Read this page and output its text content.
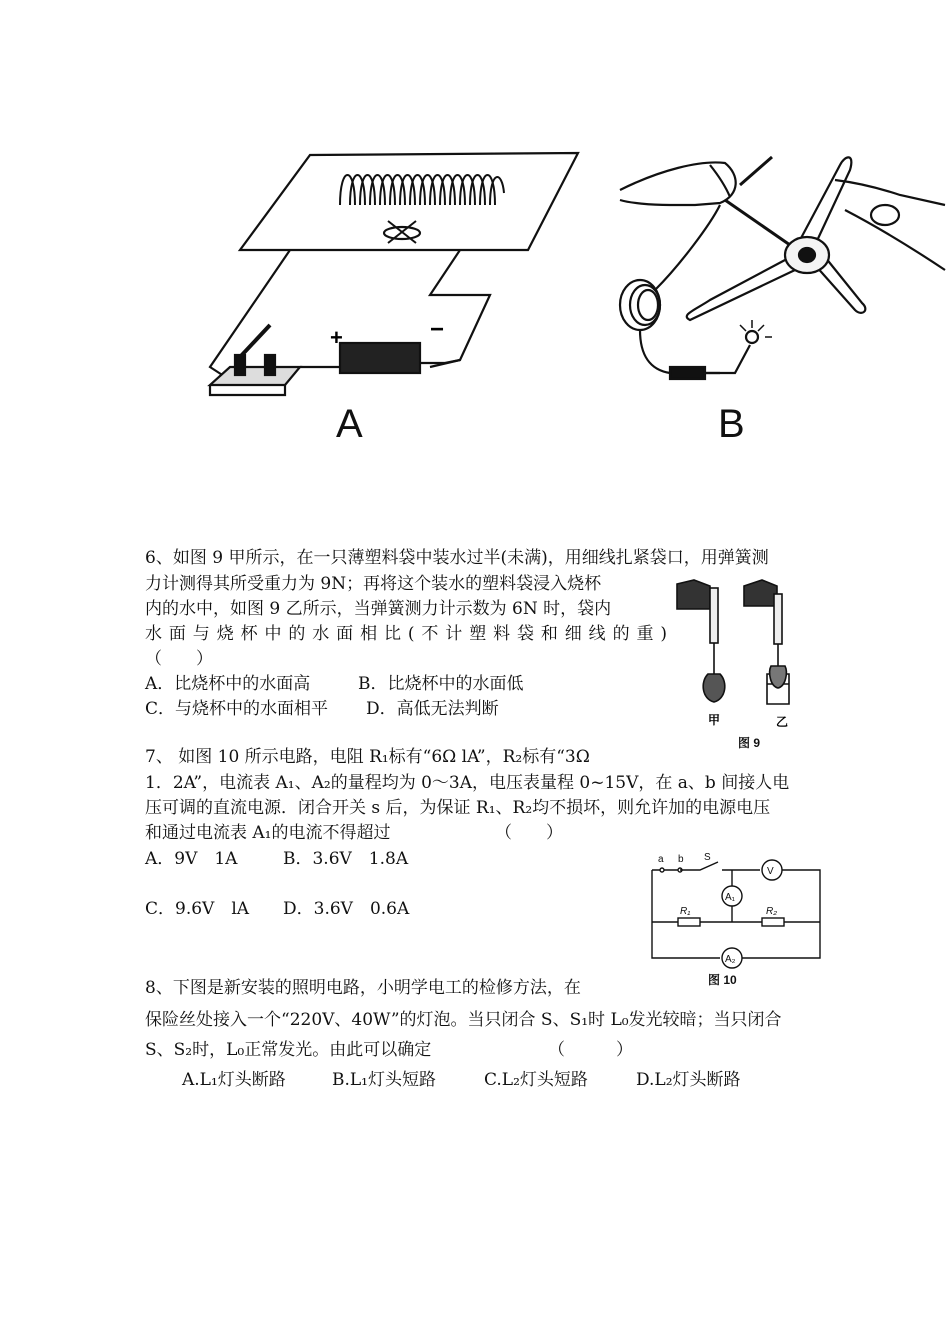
+	−
A	B
6、如图 9 甲所示，在一只薄塑料袋中装水过半(未满)，用细线扎紧袋口，用弹簧测
力计测得其所受重力为 9N；再将这个装水的塑料袋浸入烧杯
内的水中，如图 9 乙所示，当弹簧测力计示数为 6N 时，袋内
水面与烧杯中的水面相比(不计塑料袋和细线的重)
（　　）
A．比烧杯中的水面高	B．比烧杯中的水面低
C．与烧杯中的水面相平 D．高低无法判断
甲	乙
图 9
7、 如图 10 所示电路，电阻 R₁标有“6Ω lA”，R₂标有“3Ω
1．2A”，电流表 A₁、A₂的量程均为 0～3A，电压表量程 0~15V，在 a、b 间接人电
压可调的直流电源．闭合开关 s 后，为保证 R₁、R₂均不损坏，则允许加的电源电压
和通过电流表 A₁的电流不得超过	（　　）
A．9V　1A	B．3.6V　1.8A
C．9.6V　lA D．3.6V　0.6A
a b S
V
A₁
A₂
R₁	R₂
图 10
8、下图是新安装的照明电路，小明学电工的检修方法，在
保险丝处接入一个“220V、40W”的灯泡。当只闭合 S、S₁时 L₀发光较暗；当只闭合
S、S₂时，L₀正常发光。由此可以确定	（　　　）
A.L₁灯头断路	B.L₁灯头短路	C.L₂灯头短路	D.L₂灯头断路
